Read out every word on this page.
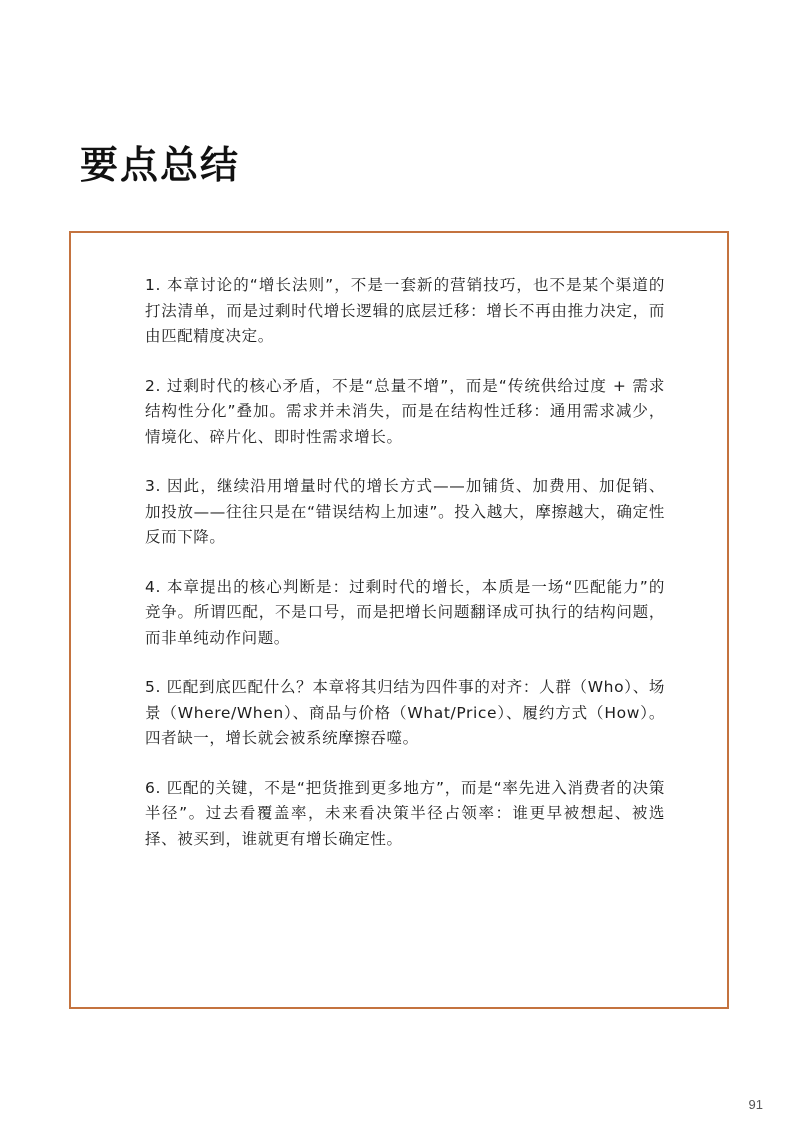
要点总结
1. 本章讨论的“增长法则”，不是一套新的营销技巧，也不是某个渠道的打法清单，而是过剩时代增长逻辑的底层迁移：增长不再由推力决定，而由匹配精度决定。
2. 过剩时代的核心矛盾，不是“总量不增”，而是“传统供给过度 + 需求结构性分化”叠加。需求并未消失，而是在结构性迁移：通用需求减少，情境化、碎片化、即时性需求增长。
3. 因此，继续沿用增量时代的增长方式——加铺货、加费用、加促销、加投放——往往只是在“错误结构上加速”。投入越大，摩擦越大，确定性反而下降。
4. 本章提出的核心判断是：过剩时代的增长，本质是一场“匹配能力”的竞争。所谓匹配，不是口号，而是把增长问题翻译成可执行的结构问题，而非单纯动作问题。
5. 匹配到底匹配什么？本章将其归结为四件事的对齐：人群（Who）、场景（Where/When）、商品与价格（What/Price）、履约方式（How）。四者缺一，增长就会被系统摩擦吞噬。
6. 匹配的关键，不是“把货推到更多地方”，而是“率先进入消费者的决策半径”。过去看覆盖率，未来看决策半径占领率：谁更早被想起、被选择、被买到，谁就更有增长确定性。
91
